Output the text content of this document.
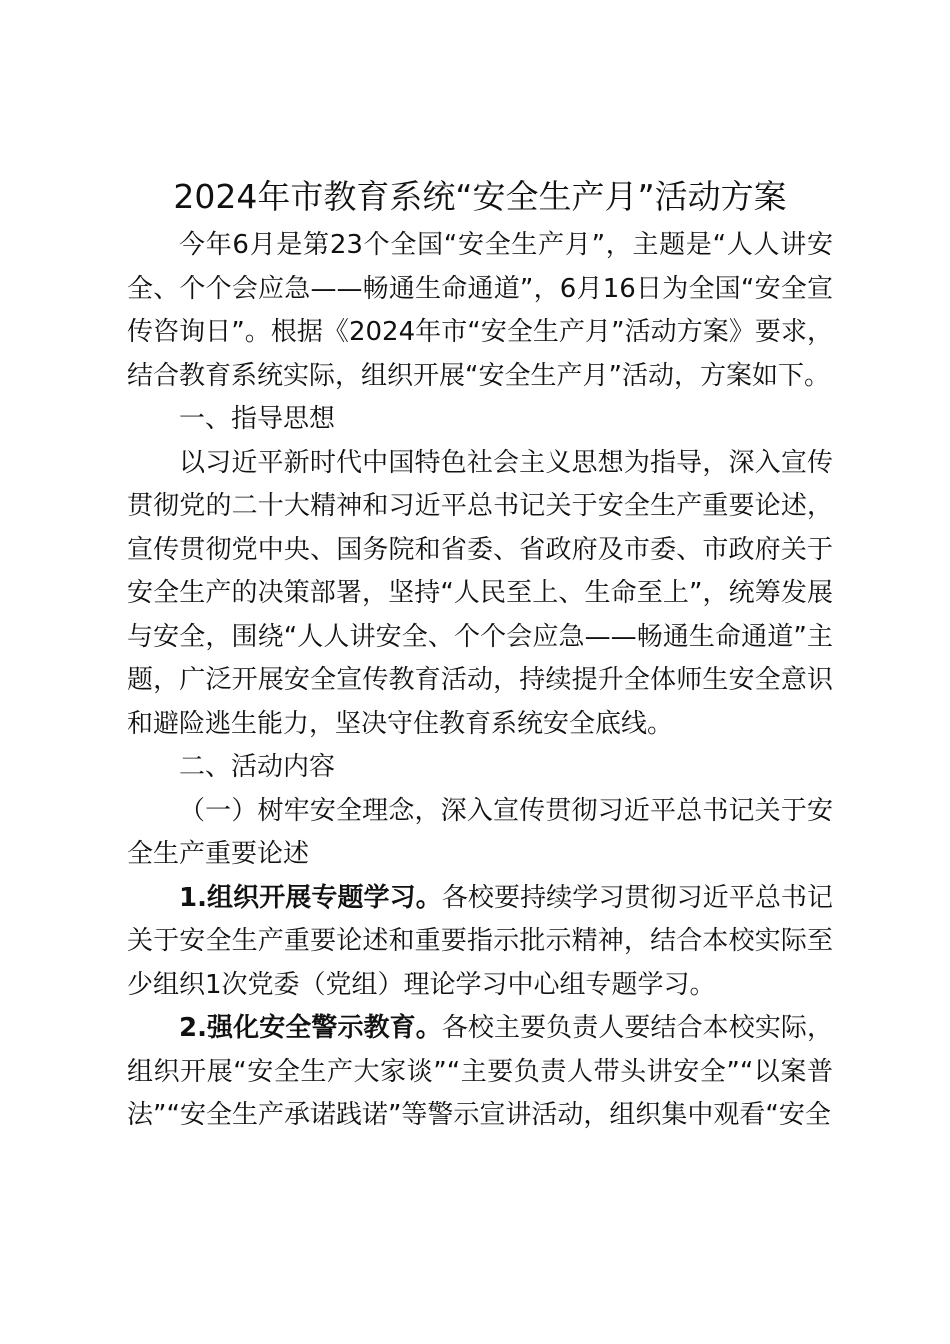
2024年市教育系统“安全生产月”活动方案

今年6月是第23个全国“安全生产月”，主题是“人人讲安全、个个会应急——畅通生命通道”，6月16日为全国“安全宣传咨询日”。根据《2024年市“安全生产月”活动方案》要求，结合教育系统实际，组织开展“安全生产月”活动，方案如下。

一、指导思想

以习近平新时代中国特色社会主义思想为指导，深入宣传贯彻党的二十大精神和习近平总书记关于安全生产重要论述，宣传贯彻党中央、国务院和省委、省政府及市委、市政府关于安全生产的决策部署，坚持“人民至上、生命至上”，统筹发展与安全，围绕“人人讲安全、个个会应急——畅通生命通道”主题，广泛开展安全宣传教育活动，持续提升全体师生安全意识和避险逃生能力，坚决守住教育系统安全底线。

二、活动内容

（一）树牢安全理念，深入宣传贯彻习近平总书记关于安全生产重要论述

1.组织开展专题学习。各校要持续学习贯彻习近平总书记关于安全生产重要论述和重要指示批示精神，结合本校实际至少组织1次党委（党组）理论学习中心组专题学习。

2.强化安全警示教育。各校主要负责人要结合本校实际，组织开展“安全生产大家谈”“主要负责人带头讲安全”“以案普法”“安全生产承诺践诺”等警示宣讲活动，组织集中观看“安全
